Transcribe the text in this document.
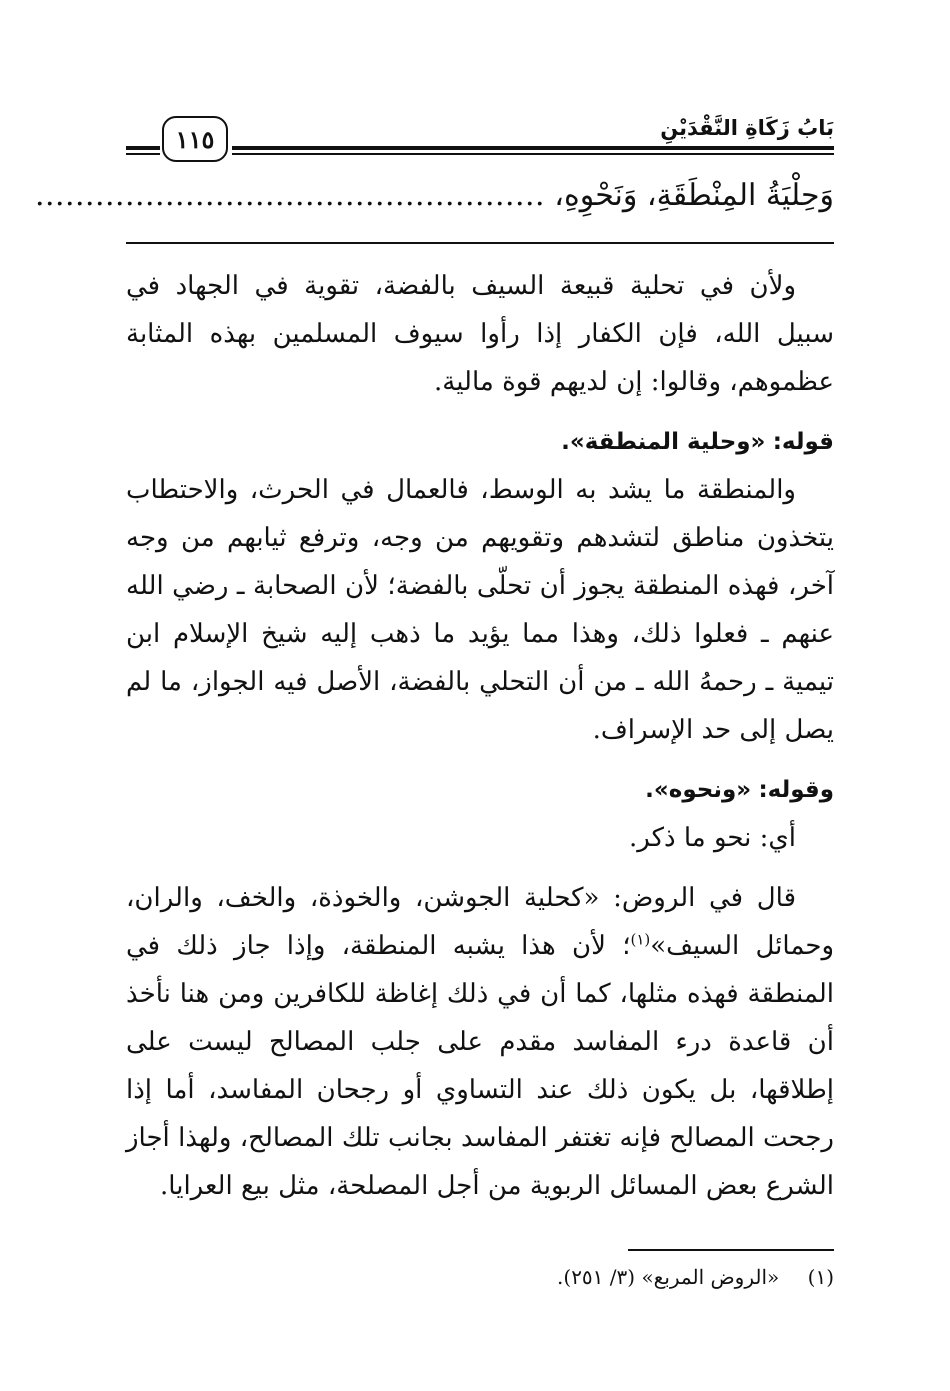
بَابُ زَكَاةِ النَّقْدَيْنِ
١١٥
وَحِلْيَةُ المِنْطَقَةِ، وَنَحْوِهِ، ……………………………………………

ولأن في تحلية قبيعة السيف بالفضة، تقوية في الجهاد في سبيل الله، فإن الكفار إذا رأوا سيوف المسلمين بهذه المثابة عظموهم، وقالوا: إن لديهم قوة مالية.

قوله: «وحلية المنطقة».

والمنطقة ما يشد به الوسط، فالعمال في الحرث، والاحتطاب يتخذون مناطق لتشدهم وتقويهم من وجه، وترفع ثيابهم من وجه آخر، فهذه المنطقة يجوز أن تحلّى بالفضة؛ لأن الصحابة ـ رضي الله عنهم ـ فعلوا ذلك، وهذا مما يؤيد ما ذهب إليه شيخ الإسلام ابن تيمية ـ رحمهُ الله ـ من أن التحلي بالفضة، الأصل فيه الجواز، ما لم يصل إلى حد الإسراف.

وقوله: «ونحوه».

أي: نحو ما ذكر.

قال في الروض: «كحلية الجوشن، والخوذة، والخف، والران، وحمائل السيف»$^{(١)}$؛ لأن هذا يشبه المنطقة، وإذا جاز ذلك في المنطقة فهذه مثلها، كما أن في ذلك إغاظة للكافرين ومن هنا نأخذ أن قاعدة درء المفاسد مقدم على جلب المصالح ليست على إطلاقها، بل يكون ذلك عند التساوي أو رجحان المفاسد، أما إذا رجحت المصالح فإنه تغتفر المفاسد بجانب تلك المصالح، ولهذا أجاز الشرع بعض المسائل الربوية من أجل المصلحة، مثل بيع العرايا.

(١) «الروض المربع» (٣/ ٢٥١).
